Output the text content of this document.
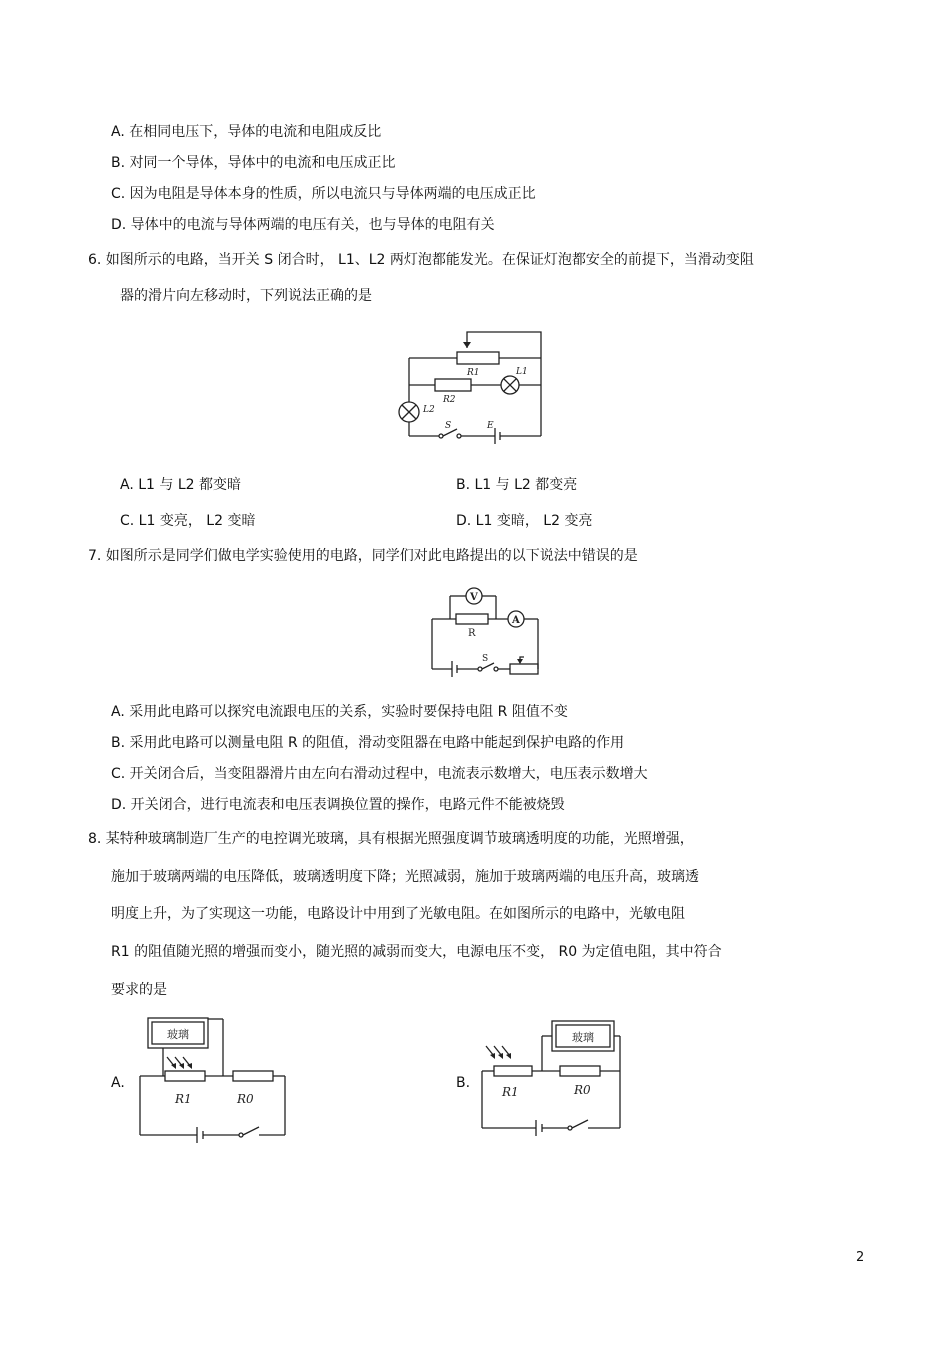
A. 在相同电压下，导体的电流和电阻成反比
B. 对同一个导体，导体中的电流和电压成正比
C. 因为电阻是导体本身的性质，所以电流只与导体两端的电压成正比
D. 导体中的电流与导体两端的电压有关，也与导体的电阻有关
6. 如图所示的电路，当开关 S 闭合时， L1、L2 两灯泡都能发光。在保证灯泡都安全的前提下，当滑动变阻
器的滑片向左移动时，下列说法正确的是
R1
R2
L1
L2
S	E
A. L1 与 L2 都变暗	B. L1 与 L2 都变亮
C. L1 变亮， L2 变暗	D. L1 变暗， L2 变亮
7. 如图所示是同学们做电学实验使用的电路，同学们对此电路提出的以下说法中错误的是
V
A
R
S
A. 采用此电路可以探究电流跟电压的关系，实验时要保持电阻 R 阻值不变
B. 采用此电路可以测量电阻 R 的阻值，滑动变阻器在电路中能起到保护电路的作用
C. 开关闭合后，当变阻器滑片由左向右滑动过程中，电流表示数增大，电压表示数增大
D. 开关闭合，进行电流表和电压表调换位置的操作，电路元件不能被烧毁
8. 某特种玻璃制造厂生产的电控调光玻璃，具有根据光照强度调节玻璃透明度的功能，光照增强，
施加于玻璃两端的电压降低，玻璃透明度下降；光照减弱，施加于玻璃两端的电压升高，玻璃透
明度上升，为了实现这一功能，电路设计中用到了光敏电阻。在如图所示的电路中，光敏电阻
R1 的阻值随光照的增强而变小，随光照的减弱而变大，电源电压不变， R0 为定值电阻，其中符合
要求的是
A.
玻璃
R1	R0
B.
玻璃
R1	R0
2
